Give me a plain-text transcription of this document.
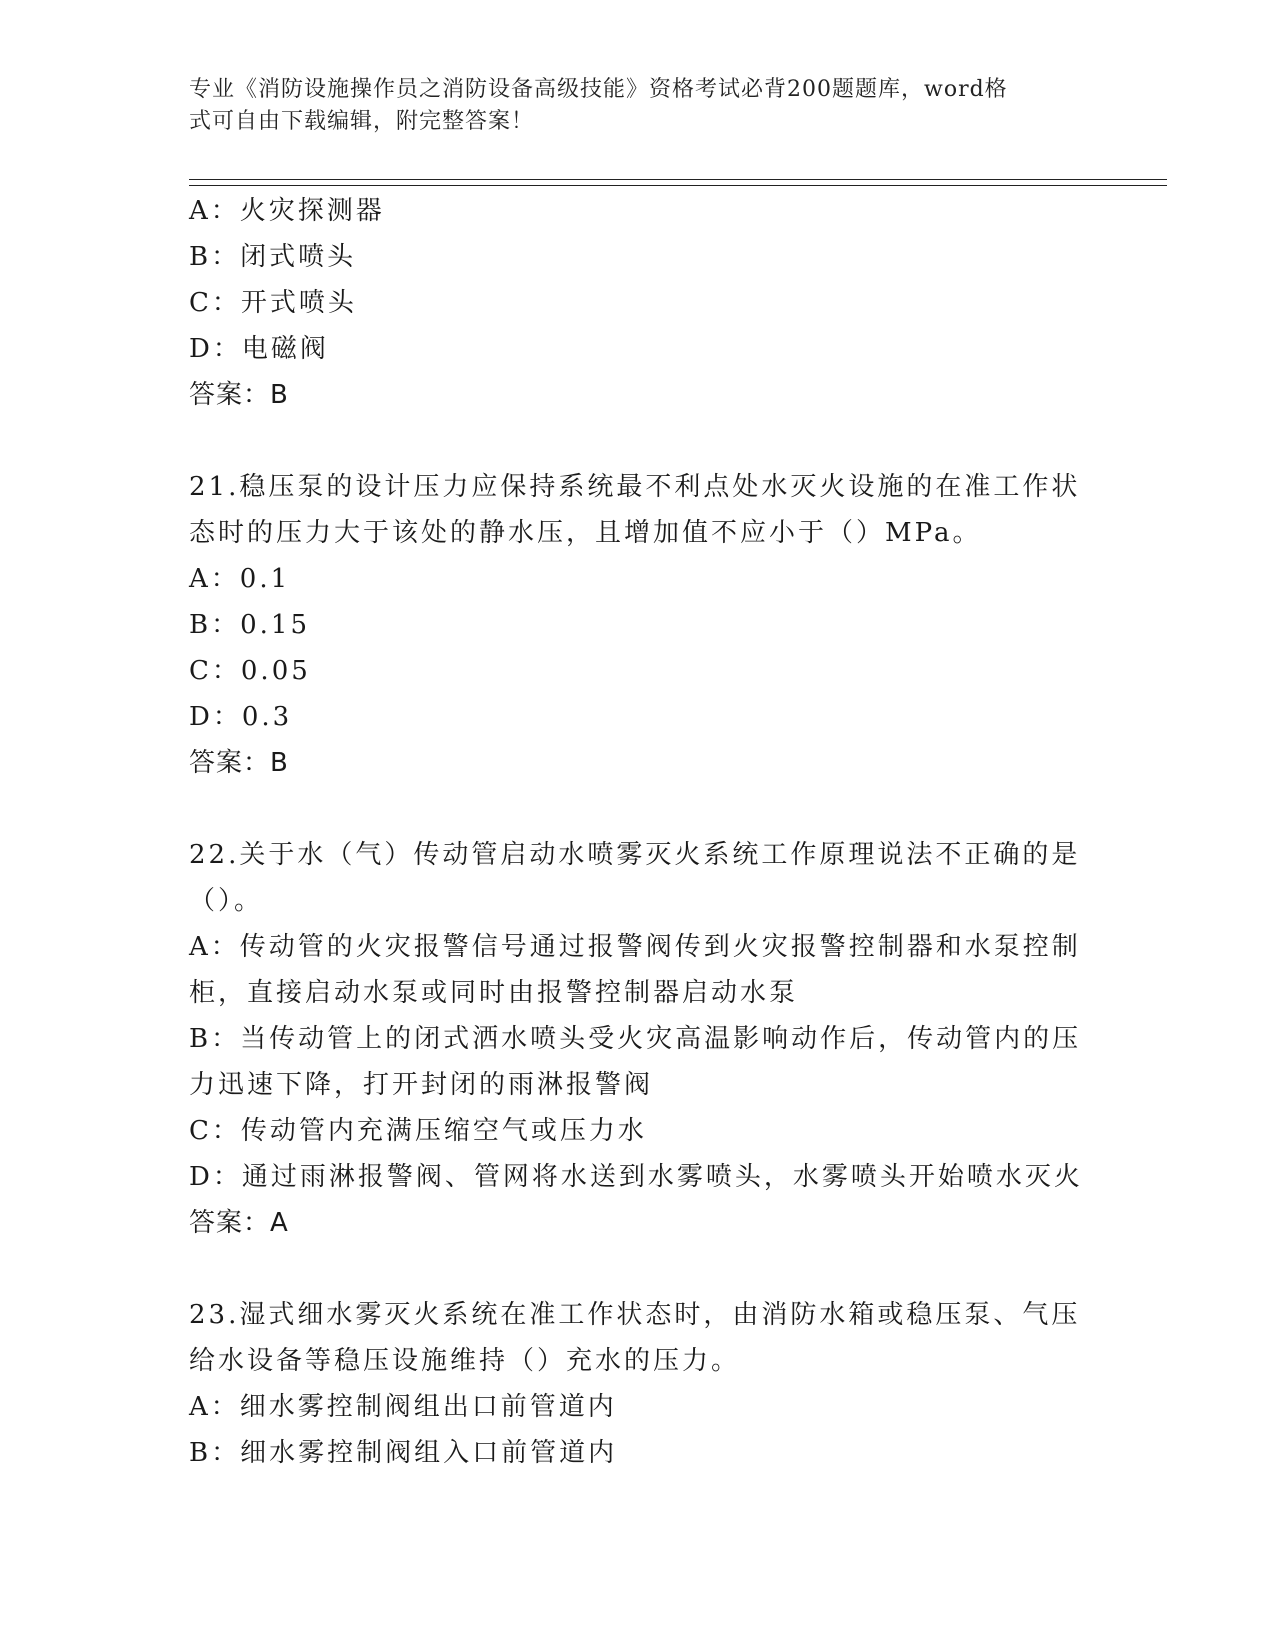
专业《消防设施操作员之消防设备高级技能》资格考试必背200题题库，word格
式可自由下载编辑，附完整答案！

A：火灾探测器

B：闭式喷头

C：开式喷头

D：电磁阀

答案：B

21.稳压泵的设计压力应保持系统最不利点处水灭火设施的在准工作状

态时的压力大于该处的静水压，且增加值不应小于（）MPa。

A：0.1

B：0.15

C：0.05

D：0.3

答案：B

22.关于水（气）传动管启动水喷雾灭火系统工作原理说法不正确的是

（）。

A：传动管的火灾报警信号通过报警阀传到火灾报警控制器和水泵控制

柜，直接启动水泵或同时由报警控制器启动水泵

B：当传动管上的闭式洒水喷头受火灾高温影响动作后，传动管内的压

力迅速下降，打开封闭的雨淋报警阀

C：传动管内充满压缩空气或压力水

D：通过雨淋报警阀、管网将水送到水雾喷头，水雾喷头开始喷水灭火

答案：A

23.湿式细水雾灭火系统在准工作状态时，由消防水箱或稳压泵、气压

给水设备等稳压设施维持（）充水的压力。

A：细水雾控制阀组出口前管道内

B：细水雾控制阀组入口前管道内
